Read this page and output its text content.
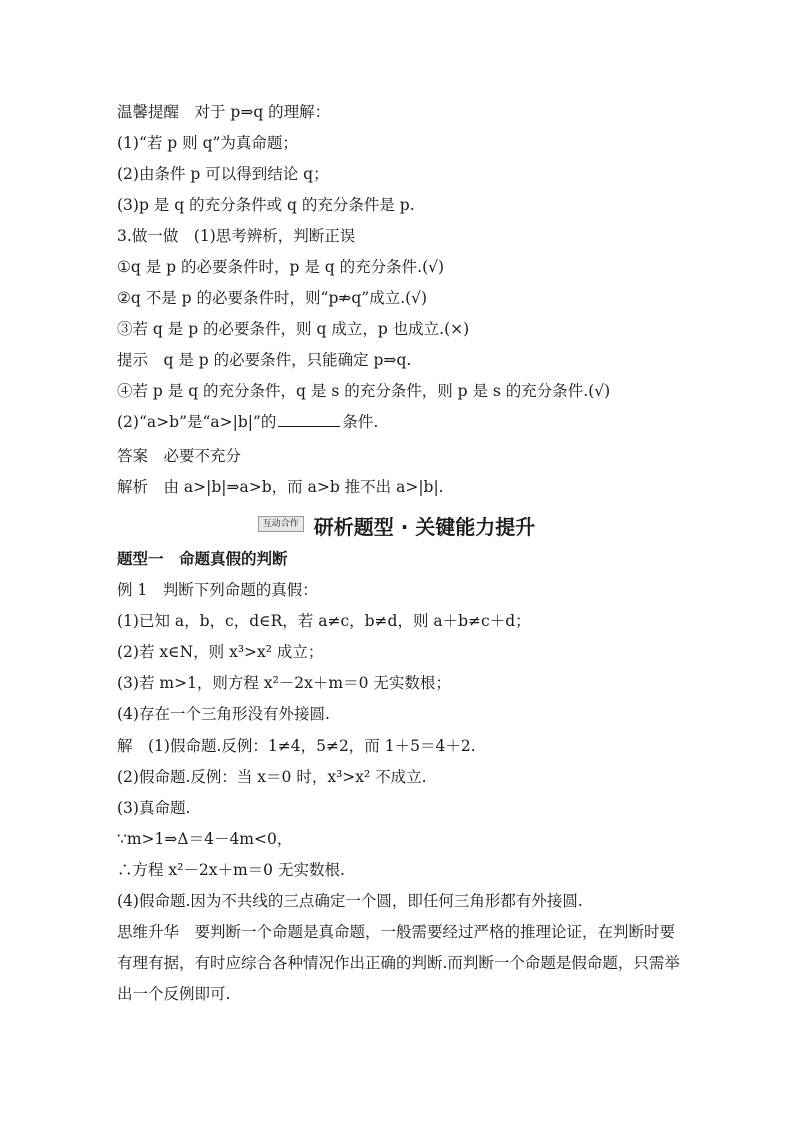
温馨提醒　对于 p⇒q 的理解：
(1)“若 p 则 q”为真命题；
(2)由条件 p 可以得到结论 q；
(3)p 是 q 的充分条件或 q 的充分条件是 p.
3.做一做　(1)思考辨析，判断正误
①q 是 p 的必要条件时，p 是 q 的充分条件.(√)
②q 不是 p 的必要条件时，则“p⇏q”成立.(√)
③若 q 是 p 的必要条件，则 q 成立，p 也成立.(×)
提示　q 是 p 的必要条件，只能确定 p⇒q.
④若 p 是 q 的充分条件，q 是 s 的充分条件，则 p 是 s 的充分条件.(√)
(2)“a>b”是“a>|b|”的	条件.
答案　必要不充分
解析　由 a>|b|⇒a>b，而 a>b 推不出 a>|b|.
互动合作 研析题型 · 关键能力提升
题型一　命题真假的判断
例 1　判断下列命题的真假：
(1)已知 a，b，c，d∈R，若 a≠c，b≠d，则 a＋b≠c＋d；
(2)若 x∈N，则 x³>x² 成立；
(3)若 m>1，则方程 x²－2x＋m＝0 无实数根；
(4)存在一个三角形没有外接圆.
解　(1)假命题.反例：1≠4，5≠2，而 1＋5＝4＋2.
(2)假命题.反例：当 x＝0 时，x³>x² 不成立.
(3)真命题.
∵m>1⇒Δ＝4－4m<0，
∴方程 x²－2x＋m＝0 无实数根.
(4)假命题.因为不共线的三点确定一个圆，即任何三角形都有外接圆.
思维升华　要判断一个命题是真命题，一般需要经过严格的推理论证，在判断时要有理有据，有时应综合各种情况作出正确的判断.而判断一个命题是假命题，只需举出一个反例即可.
